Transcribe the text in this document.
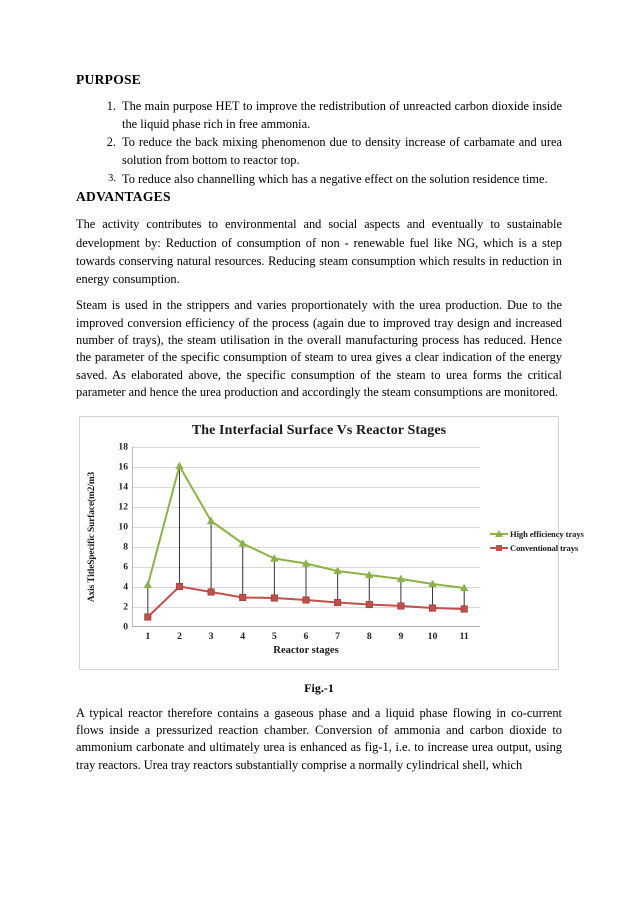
PURPOSE
The main purpose HET to improve the redistribution of unreacted carbon dioxide inside the liquid phase rich in free ammonia.
To reduce the back mixing phenomenon due to density increase of carbamate and urea solution from bottom to reactor top.
To reduce also channelling which has a negative effect on the solution residence time.
ADVANTAGES

The activity contributes to environmental and social aspects and eventually to sustainable development by: Reduction of consumption of non - renewable fuel like NG, which is a step towards conserving natural resources. Reducing steam consumption which results in reduction in energy consumption.

Steam is used in the strippers and varies proportionately with the urea production. Due to the improved conversion efficiency of the process (again due to improved tray design and increased number of trays), the steam utilisation in the overall manufacturing process has reduced. Hence the parameter of the specific consumption of steam to urea gives a clear indication of the energy saved. As elaborated above, the specific consumption of the steam to urea forms the critical parameter and hence the urea production and accordingly the steam consumptions are monitored.

The Interfacial Surface Vs Reactor Stages
Axis TitleSpecific Surface(m2/m3
0
2
4
6
8
10
12
14
16
18
1	2	3	4	5	6	7	8	9	10	11
Reactor stages
High efficiency trays
Conventional trays
Fig.-1

A typical reactor therefore contains a gaseous phase and a liquid phase flowing in co-current flows inside a pressurized reaction chamber. Conversion of ammonia and carbon dioxide to ammonium carbonate and ultimately urea is enhanced as fig-1, i.e. to increase urea output, using tray reactors. Urea tray reactors substantially comprise a normally cylindrical shell, which
